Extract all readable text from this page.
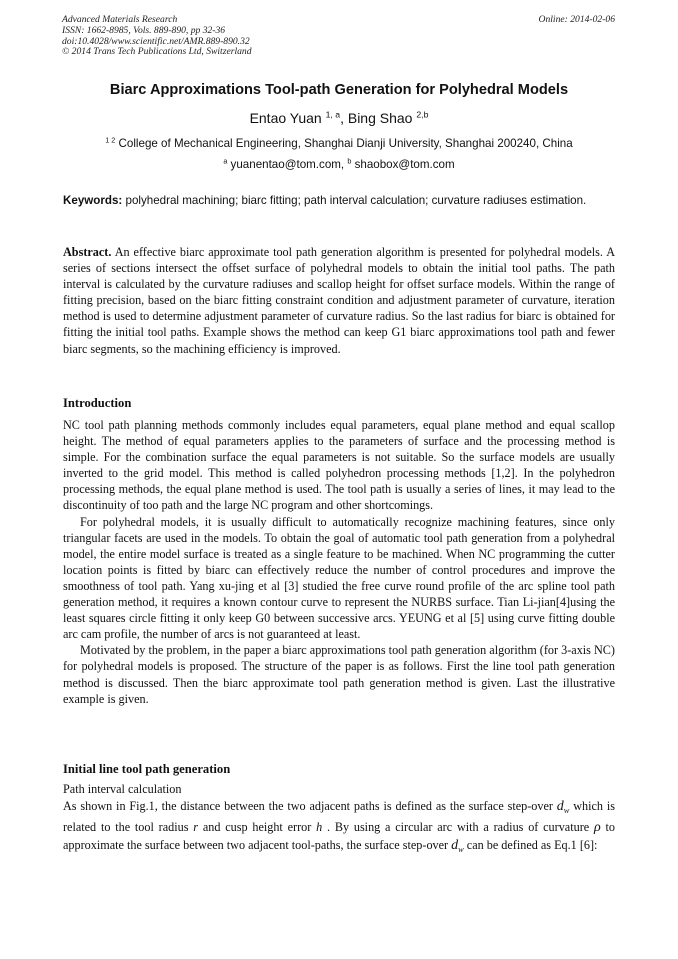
Advanced Materials Research
ISSN: 1662-8985, Vols. 889-890, pp 32-36
doi:10.4028/www.scientific.net/AMR.889-890.32
© 2014 Trans Tech Publications Ltd, Switzerland
Online: 2014-02-06
Biarc Approximations Tool-path Generation for Polyhedral Models
Entao Yuan $^{1, a}$, Bing Shao $^{2,b}$
$^{1 2}$ College of Mechanical Engineering, Shanghai Dianji University, Shanghai 200240, China
$^a$ yuanentao@tom.com, $^b$ shaobox@tom.com
Keywords: polyhedral machining; biarc fitting; path interval calculation; curvature radiuses estimation.

Abstract. An effective biarc approximate tool path generation algorithm is presented for polyhedral models. A series of sections intersect the offset surface of polyhedral models to obtain the initial tool paths. The path interval is calculated by the curvature radiuses and scallop height for offset surface models. Within the range of fitting precision, based on the biarc fitting constraint condition and adjustment parameter of curvature, iteration method is used to determine adjustment parameter of curvature radius. So the last radius for biarc is obtained for fitting the initial tool paths. Example shows the method can keep G1 biarc approximations tool path and fewer biarc segments, so the machining efficiency is improved.

Introduction

NC tool path planning methods commonly includes equal parameters, equal plane method and equal scallop height. The method of equal parameters applies to the parameters of surface and the processing method is simple. For the combination surface the equal parameters is not suitable. So the surface models are usually inverted to the grid model. This method is called polyhedron processing methods [1,2]. In the polyhedron processing methods, the equal plane method is used. The tool path is usually a series of lines, it may lead to the discontinuity of too path and the large NC program and other shortcomings.

For polyhedral models, it is usually difficult to automatically recognize machining features, since only triangular facets are used in the models. To obtain the goal of automatic tool path generation from a polyhedral model, the entire model surface is treated as a single feature to be machined. When NC programming the cutter location points is fitted by biarc can effectively reduce the number of control procedures and improve the smoothness of tool path. Yang xu-jing et al [3] studied the free curve round profile of the arc spline tool path generation method, it requires a known contour curve to represent the NURBS surface. Tian Li-jian[4]using the least squares circle fitting it only keep G0 between successive arcs. YEUNG et al [5] using curve fitting double arc cam profile, the number of arcs is not guaranteed at least.

Motivated by the problem, in the paper a biarc approximations tool path generation algorithm (for 3-axis NC) for polyhedral models is proposed. The structure of the paper is as follows. First the line tool path generation method is discussed. Then the biarc approximate tool path generation method is given. Last the illustrative example is given.

Initial line tool path generation
Path interval calculation

As shown in Fig.1, the distance between the two adjacent paths is defined as the surface step-over $d_w$ which is related to the tool radius r and cusp height error h . By using a circular arc with a radius of curvature ρ to approximate the surface between two adjacent tool-paths, the surface step-over $d_w$ can be defined as Eq.1 [6]:
